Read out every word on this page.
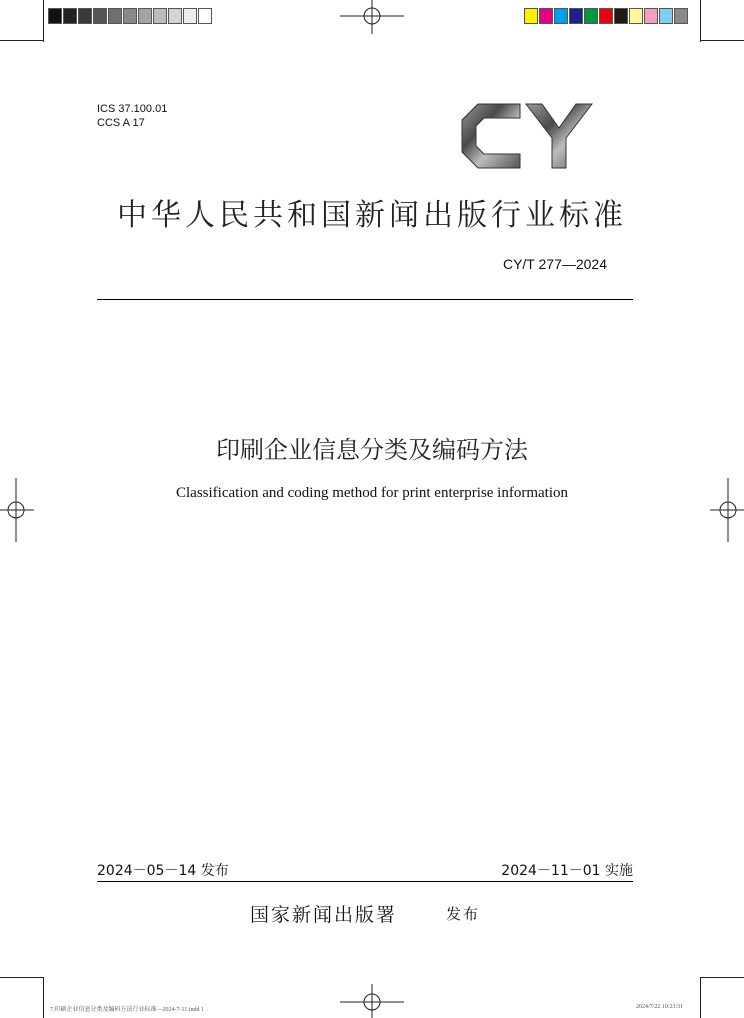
ICS 37.100.01
CCS A 17
中华人民共和国新闻出版行业标准
CY/T 277—2024
印刷企业信息分类及编码方法
Classification and coding method for print enterprise information
2024－05－14 发布	2024－11－01 实施
国家新闻出版署	发布
7.印刷企业信息分类及编码方法行业标准—2024-7-11.indd 1	2024/7/22 10:23:31
